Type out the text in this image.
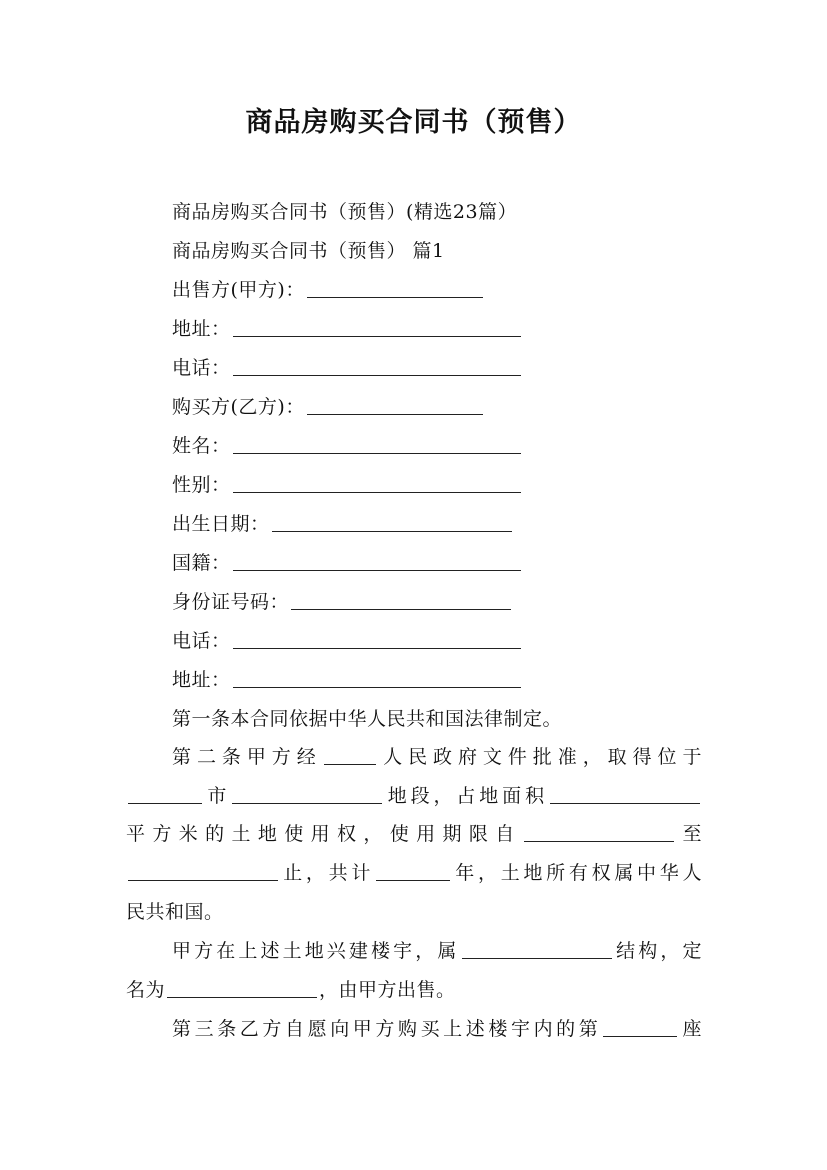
商品房购买合同书（预售）
商品房购买合同书（预售）(精选23篇）
商品房购买合同书（预售） 篇1
出售方(甲方)：
地址：
电话：
购买方(乙方)：
姓名：
性别：
出生日期：
国籍：
身份证号码：
电话：
地址：
第一条本合同依据中华人民共和国法律制定。
第二条甲方经	人民政府文件批准，取得位于
市	地段，占地面积
平方米的土地使用权，使用期限自	至
止，共计	年，土地所有权属中华人
民共和国。
甲方在上述土地兴建楼宇，属	结构，定
名为	，由甲方出售。
第三条乙方自愿向甲方购买上述楼宇内的第	座
